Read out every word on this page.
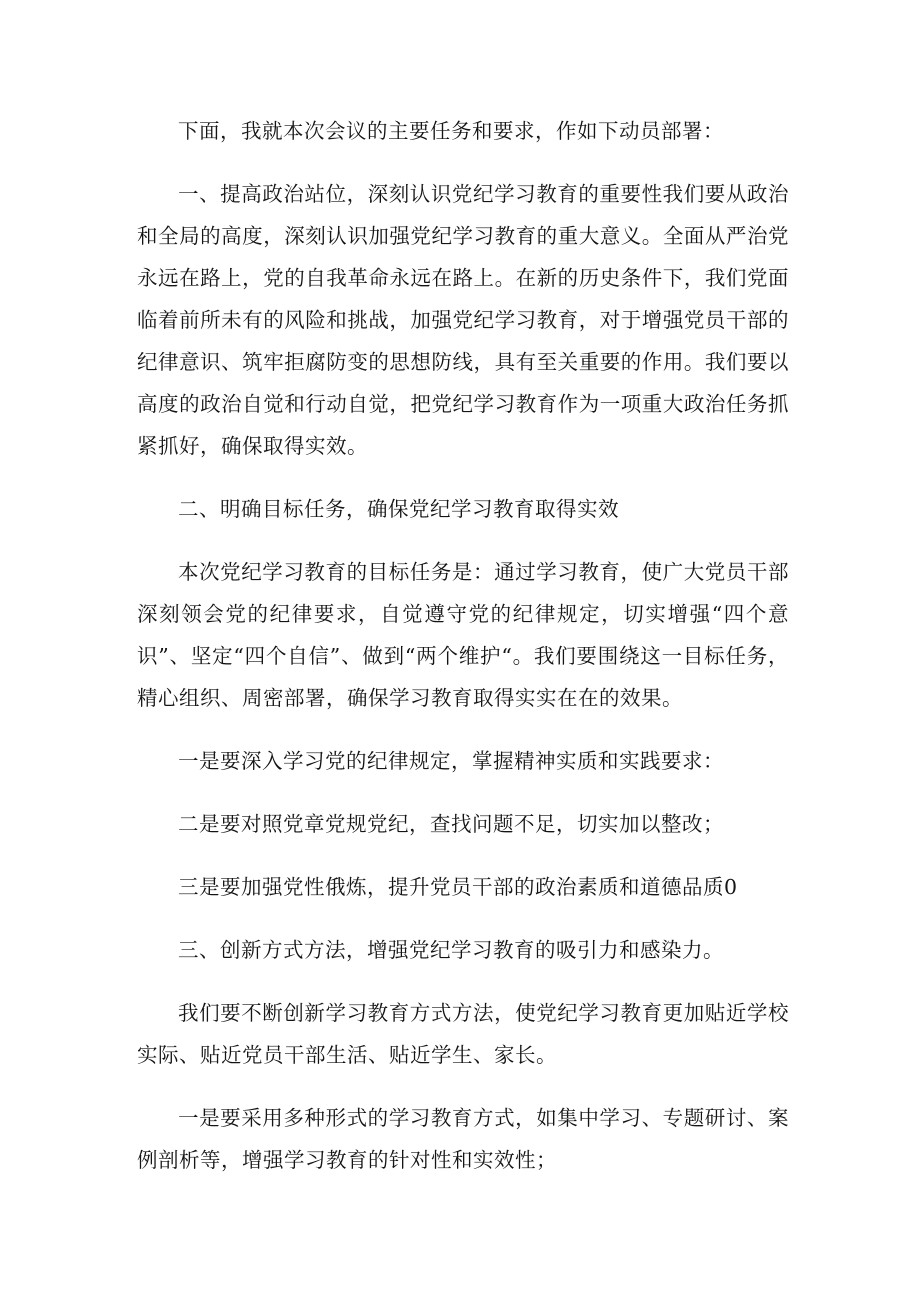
下面，我就本次会议的主要任务和要求，作如下动员部署：

一、提高政治站位，深刻认识党纪学习教育的重要性我们要从政治和全局的高度，深刻认识加强党纪学习教育的重大意义。全面从严治党永远在路上，党的自我革命永远在路上。在新的历史条件下，我们党面临着前所未有的风险和挑战，加强党纪学习教育，对于增强党员干部的纪律意识、筑牢拒腐防变的思想防线，具有至关重要的作用。我们要以高度的政治自觉和行动自觉，把党纪学习教育作为一项重大政治任务抓紧抓好，确保取得实效。

二、明确目标任务，确保党纪学习教育取得实效

本次党纪学习教育的目标任务是：通过学习教育，使广大党员干部深刻领会党的纪律要求，自觉遵守党的纪律规定，切实增强“四个意识”、坚定“四个自信”、做到“两个维护“。我们要围绕这一目标任务，精心组织、周密部署，确保学习教育取得实实在在的效果。

一是要深入学习党的纪律规定，掌握精神实质和实践要求：

二是要对照党章党规党纪，查找问题不足，切实加以整改；

三是要加强党性俄炼，提升党员干部的政治素质和道德品质0

三、创新方式方法，增强党纪学习教育的吸引力和感染力。

我们要不断创新学习教育方式方法，使党纪学习教育更加贴近学校实际、贴近党员干部生活、贴近学生、家长。

一是要采用多种形式的学习教育方式，如集中学习、专题研讨、案例剖析等，增强学习教育的针对性和实效性；
